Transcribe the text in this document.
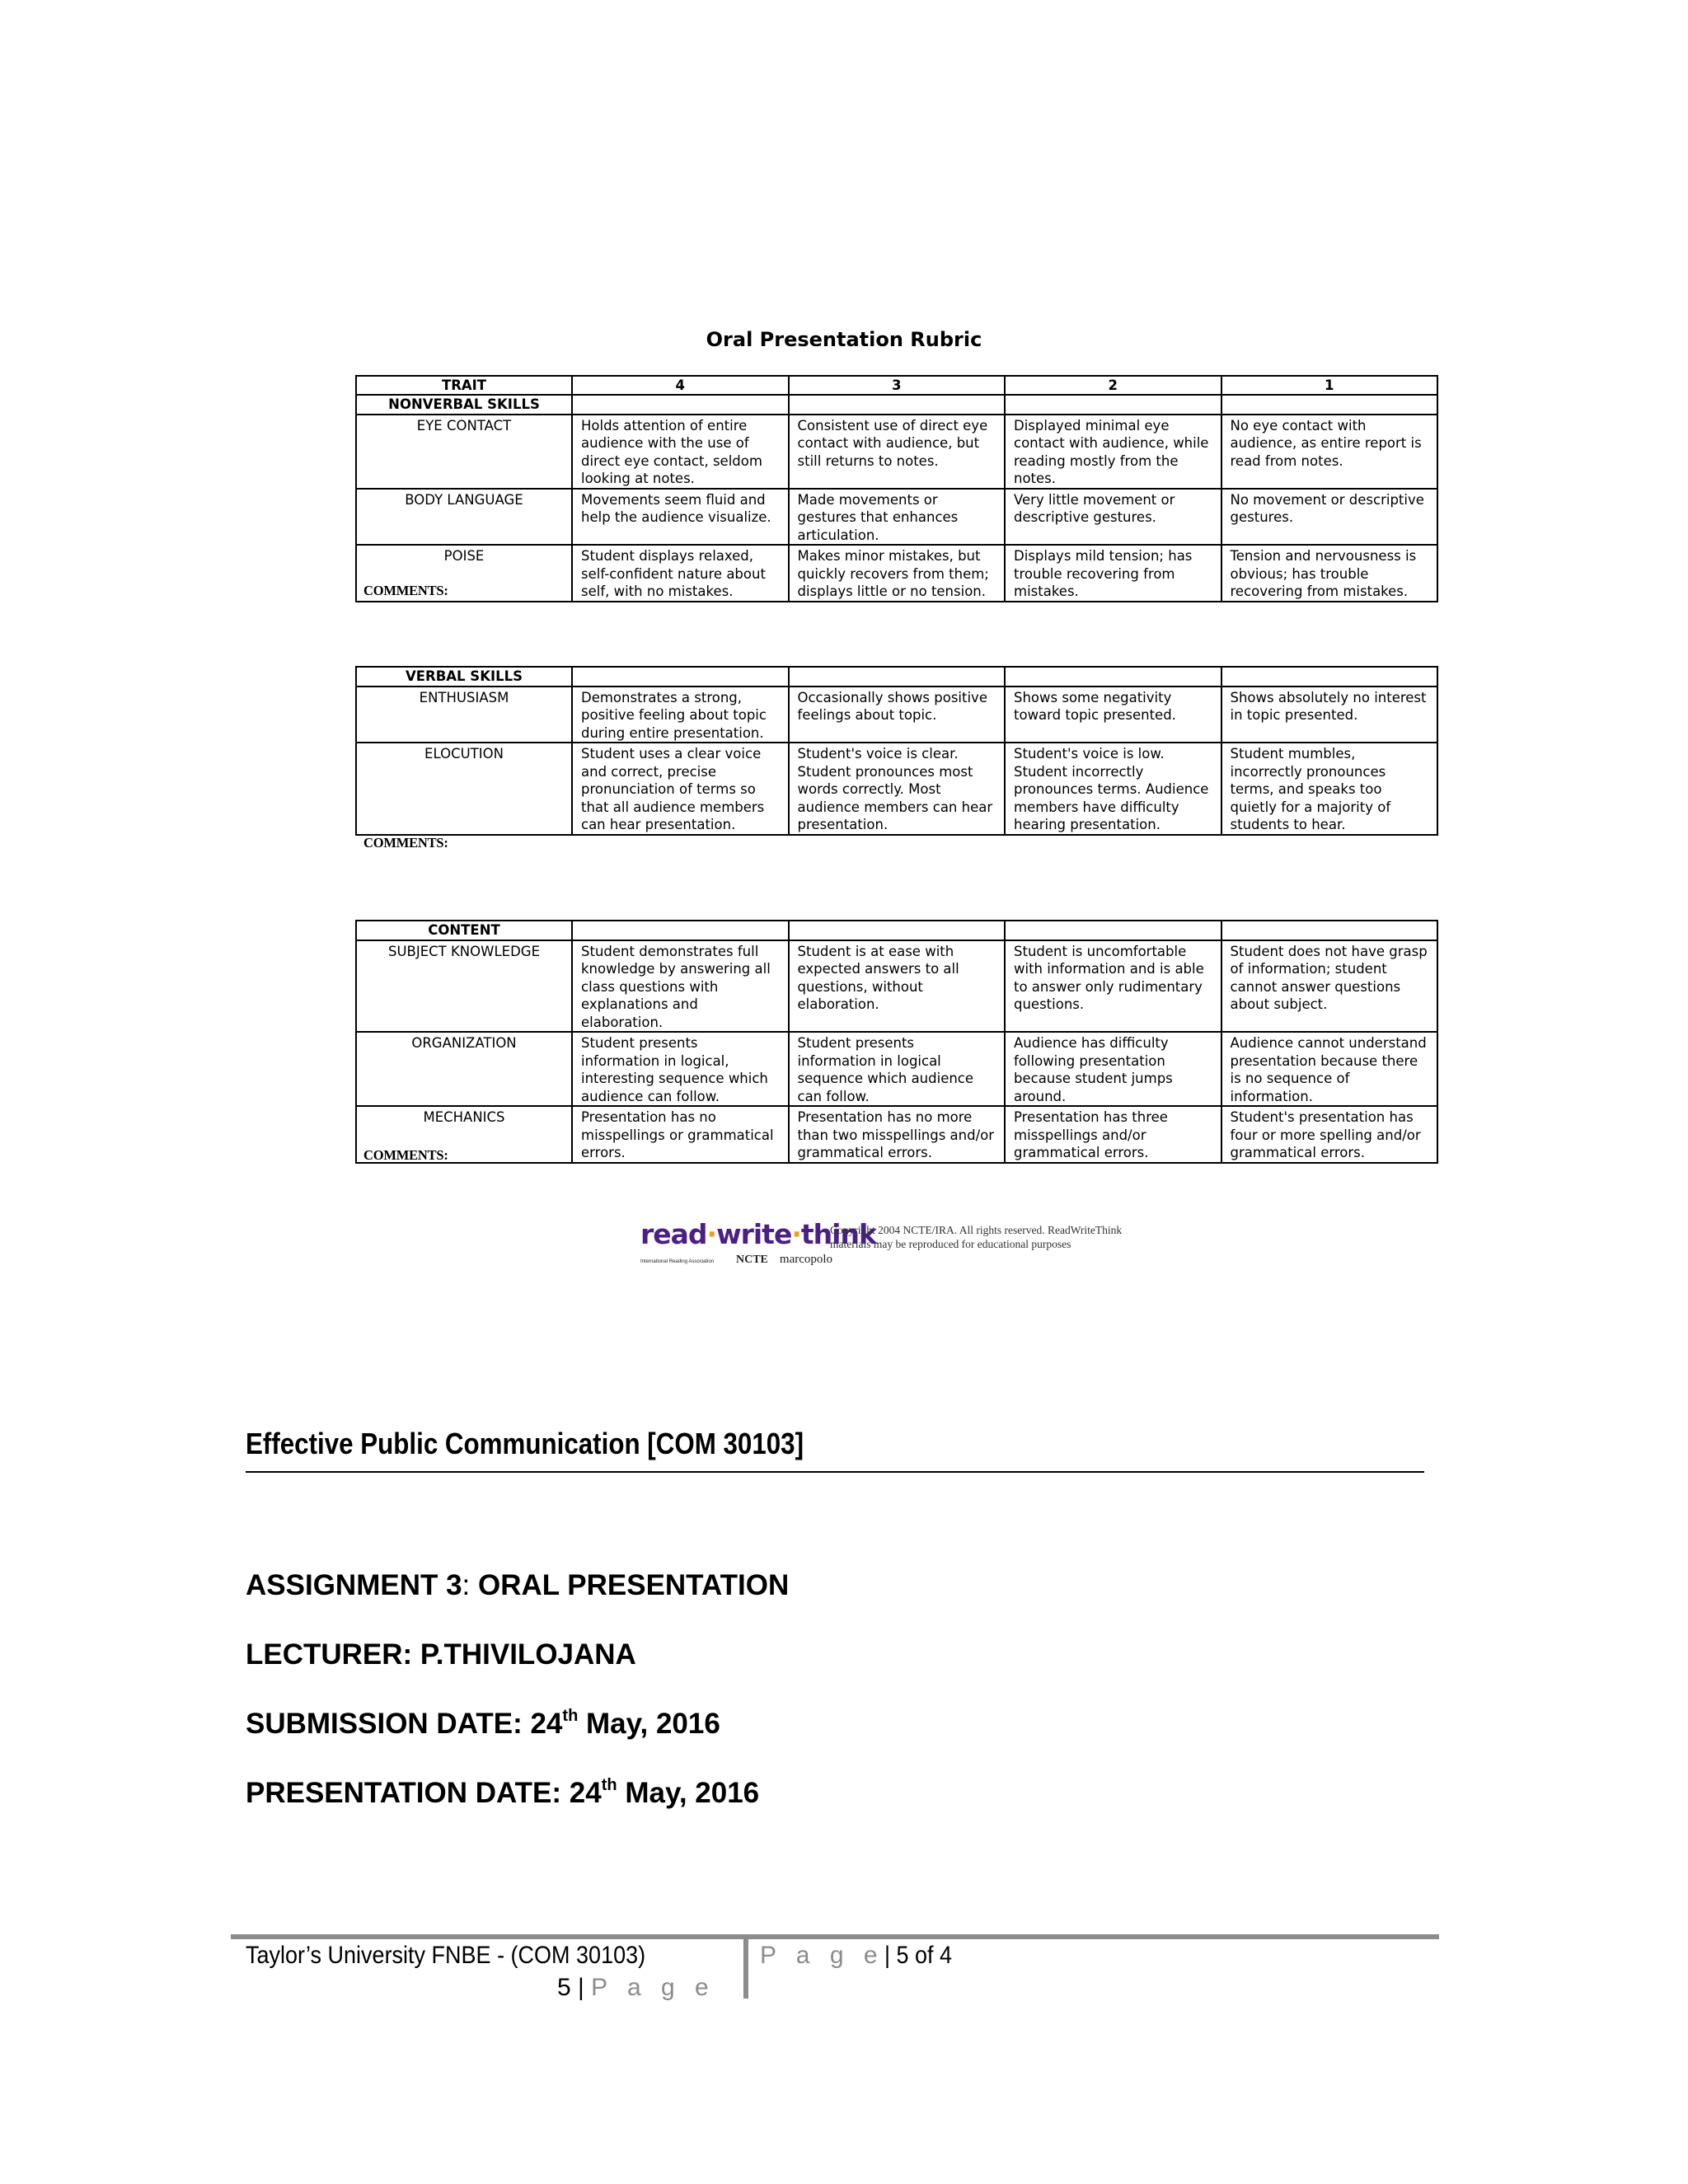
Oral Presentation Rubric
TRAIT	4	3	2	1
NONVERBAL SKILLS				
EYE CONTACT	Holds attention of entire audience with the use of direct eye contact, seldom looking at notes.	Consistent use of direct eye contact with audience, but still returns to notes.	Displayed minimal eye contact with audience, while reading mostly from the notes.	No eye contact with audience, as entire report is read from notes.
BODY LANGUAGE	Movements seem fluid and help the audience visualize.	Made movements or gestures that enhances articulation.	Very little movement or descriptive gestures.	No movement or descriptive gestures.
POISE	Student displays relaxed, self-confident nature about self, with no mistakes.	Makes minor mistakes, but quickly recovers from them; displays little or no tension.	Displays mild tension; has trouble recovering from mistakes.	Tension and nervousness is obvious; has trouble recovering from mistakes.
COMMENTS:
VERBAL SKILLS				
ENTHUSIASM	Demonstrates a strong, positive feeling about topic during entire presentation.	Occasionally shows positive feelings about topic.	Shows some negativity toward topic presented.	Shows absolutely no interest in topic presented.
ELOCUTION	Student uses a clear voice and correct, precise pronunciation of terms so that all audience members can hear presentation.	Student's voice is clear. Student pronounces most words correctly. Most audience members can hear presentation.	Student's voice is low. Student incorrectly pronounces terms. Audience members have difficulty hearing presentation.	Student mumbles, incorrectly pronounces terms, and speaks too quietly for a majority of students to hear.
COMMENTS:
CONTENT				
SUBJECT KNOWLEDGE	Student demonstrates full knowledge by answering all class questions with explanations and elaboration.	Student is at ease with expected answers to all questions, without elaboration.	Student is uncomfortable with information and is able to answer only rudimentary questions.	Student does not have grasp of information; student cannot answer questions about subject.
ORGANIZATION	Student presents information in logical, interesting sequence which audience can follow.	Student presents information in logical sequence which audience can follow.	Audience has difficulty following presentation because student jumps around.	Audience cannot understand presentation because there is no sequence of information.
MECHANICS	Presentation has no misspellings or grammatical errors.	Presentation has no more than two misspellings and/or grammatical errors.	Presentation has three misspellings and/or grammatical errors.	Student's presentation has four or more spelling and/or grammatical errors.
COMMENTS:
read·write·think
International Reading Association NCTE marcopolo
Copyright 2004 NCTE/IRA. All rights reserved. ReadWriteThink
materials may be reproduced for educational purposes
Effective Public Communication [COM 30103]
ASSIGNMENT 3: ORAL PRESENTATION
LECTURER: P.THIVILOJANA
SUBMISSION DATE: 24th May, 2016
PRESENTATION DATE: 24th May, 2016
Taylor’s University FNBE - (COM 30103)
5 | P a g e
P a g e| 5 of 4
